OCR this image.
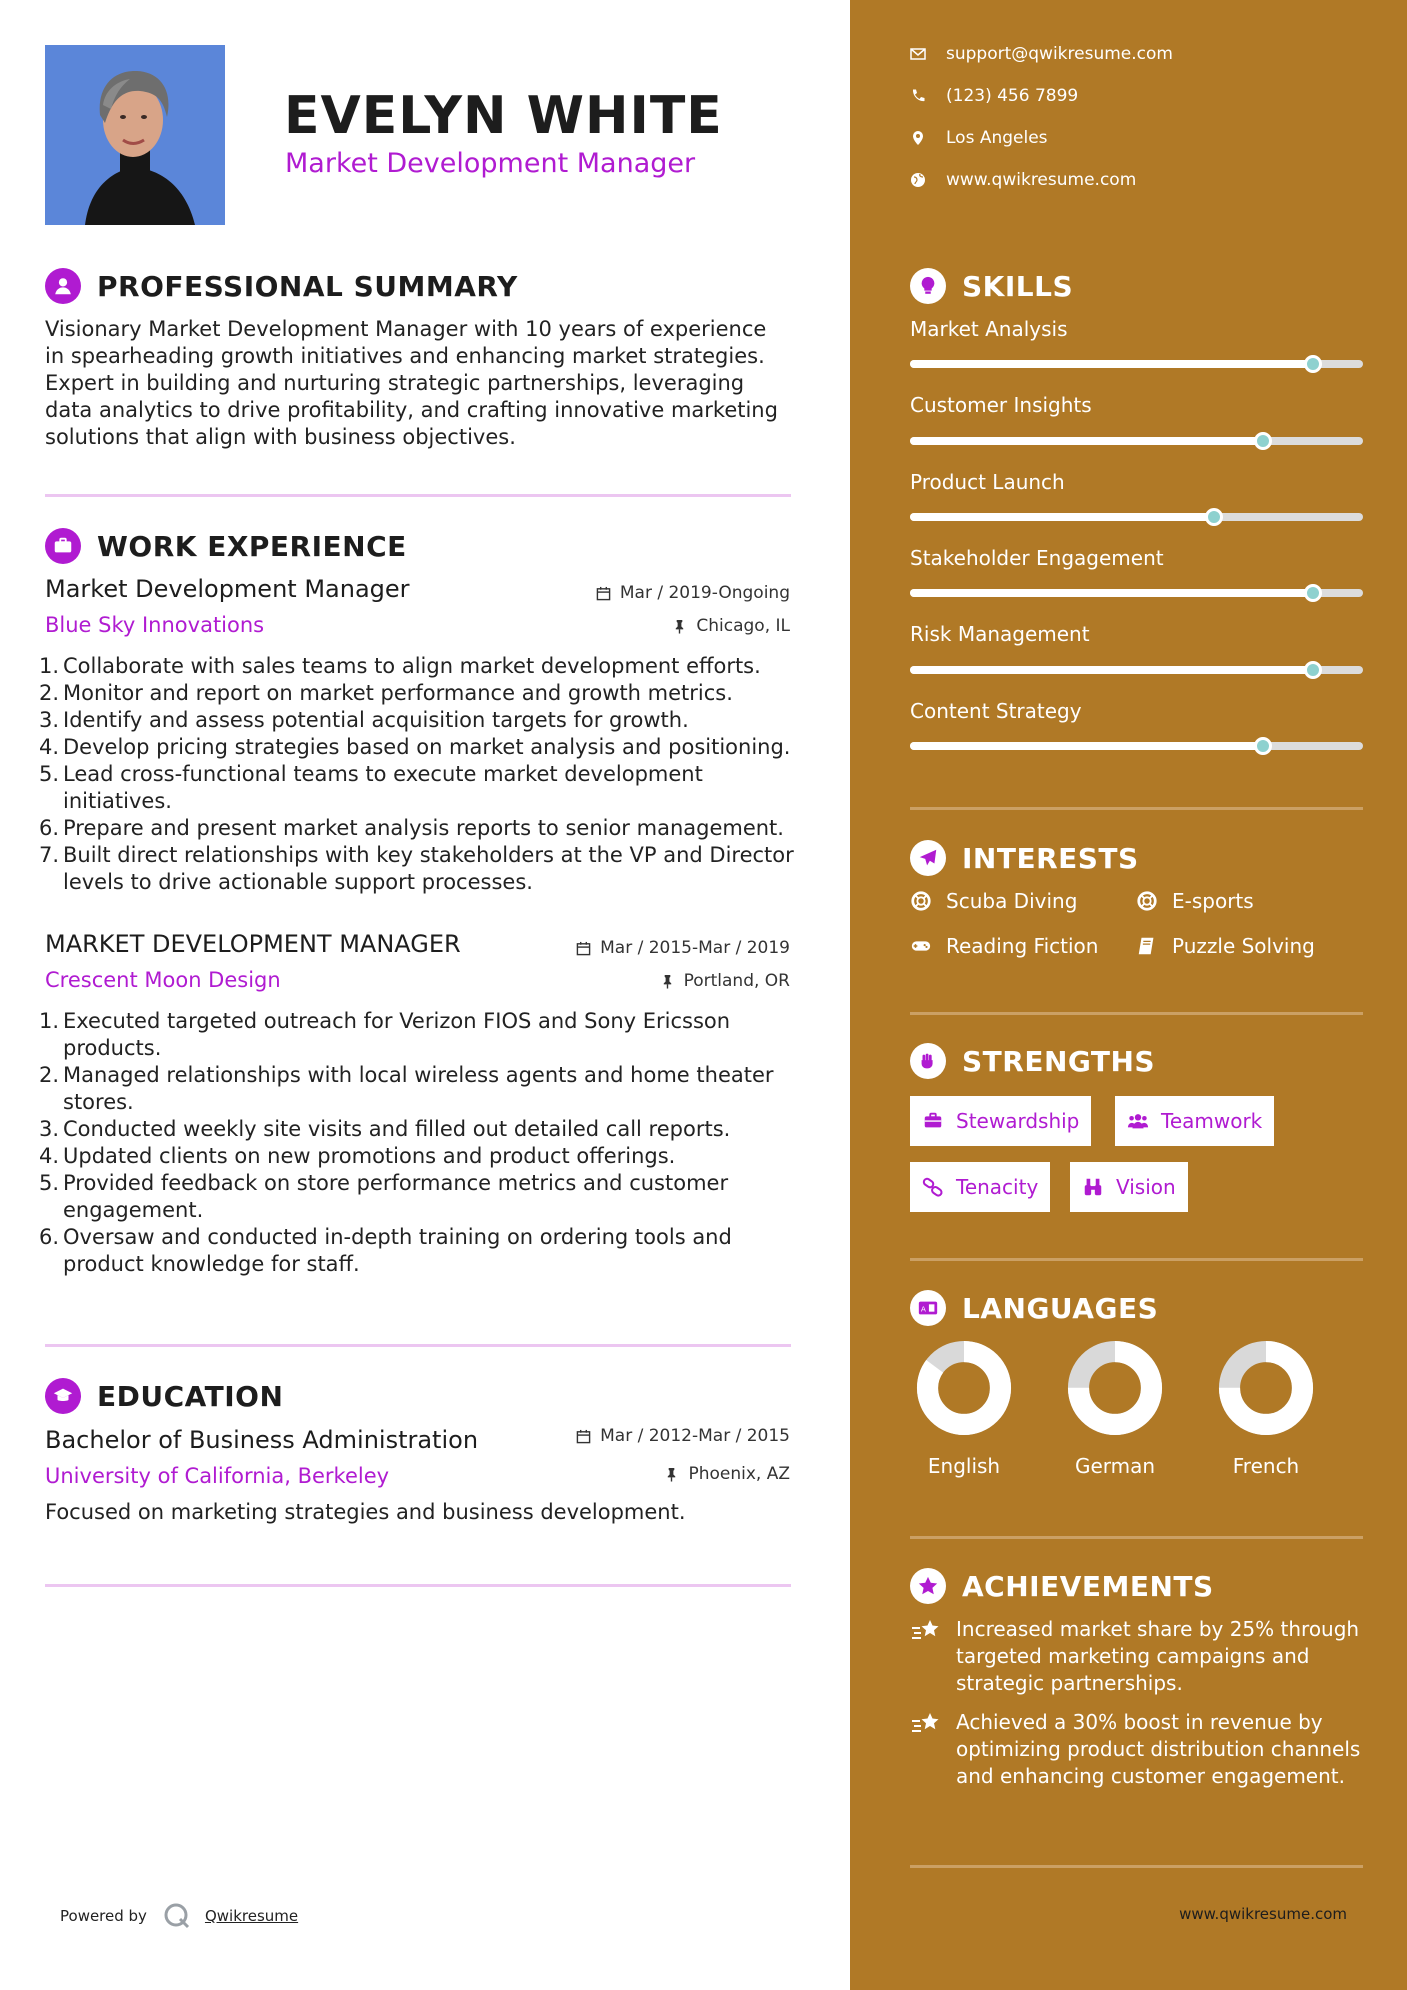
EVELYN WHITE
Market Development Manager
PROFESSIONAL SUMMARY
Visionary Market Development Manager with 10 years of experience in spearheading growth initiatives and enhancing market strategies. Expert in building and nurturing strategic partnerships, leveraging data analytics to drive profitability, and crafting innovative marketing solutions that align with business objectives.
WORK EXPERIENCE
Market Development Manager	Mar / 2019-Ongoing
Blue Sky Innovations	Chicago, IL
1. Collaborate with sales teams to align market development efforts.
2. Monitor and report on market performance and growth metrics.
3. Identify and assess potential acquisition targets for growth.
4. Develop pricing strategies based on market analysis and positioning.
5. Lead cross-functional teams to execute market development initiatives.
6. Prepare and present market analysis reports to senior management.
7. Built direct relationships with key stakeholders at the VP and Director levels to drive actionable support processes.
MARKET DEVELOPMENT MANAGER	Mar / 2015-Mar / 2019
Crescent Moon Design	Portland, OR
1. Executed targeted outreach for Verizon FIOS and Sony Ericsson products.
2. Managed relationships with local wireless agents and home theater stores.
3. Conducted weekly site visits and filled out detailed call reports.
4. Updated clients on new promotions and product offerings.
5. Provided feedback on store performance metrics and customer engagement.
6. Oversaw and conducted in-depth training on ordering tools and product knowledge for staff.
EDUCATION
Bachelor of Business Administration	Mar / 2012-Mar / 2015
University of California, Berkeley	Phoenix, AZ
Focused on marketing strategies and business development.
Powered by	Qwikresume
support@qwikresume.com
(123) 456 7899
Los Angeles
www.qwikresume.com
SKILLS
Market Analysis
Customer Insights
Product Launch
Stakeholder Engagement
Risk Management
Content Strategy
INTERESTS
Scuba Diving	E-sports
Reading Fiction	Puzzle Solving
STRENGTHS
Stewardship	Teamwork
Tenacity	Vision
A LANGUAGES
English	German	French
ACHIEVEMENTS
Increased market share by 25% through targeted marketing campaigns and strategic partnerships.
Achieved a 30% boost in revenue by optimizing product distribution channels and enhancing customer engagement.
www.qwikresume.com
